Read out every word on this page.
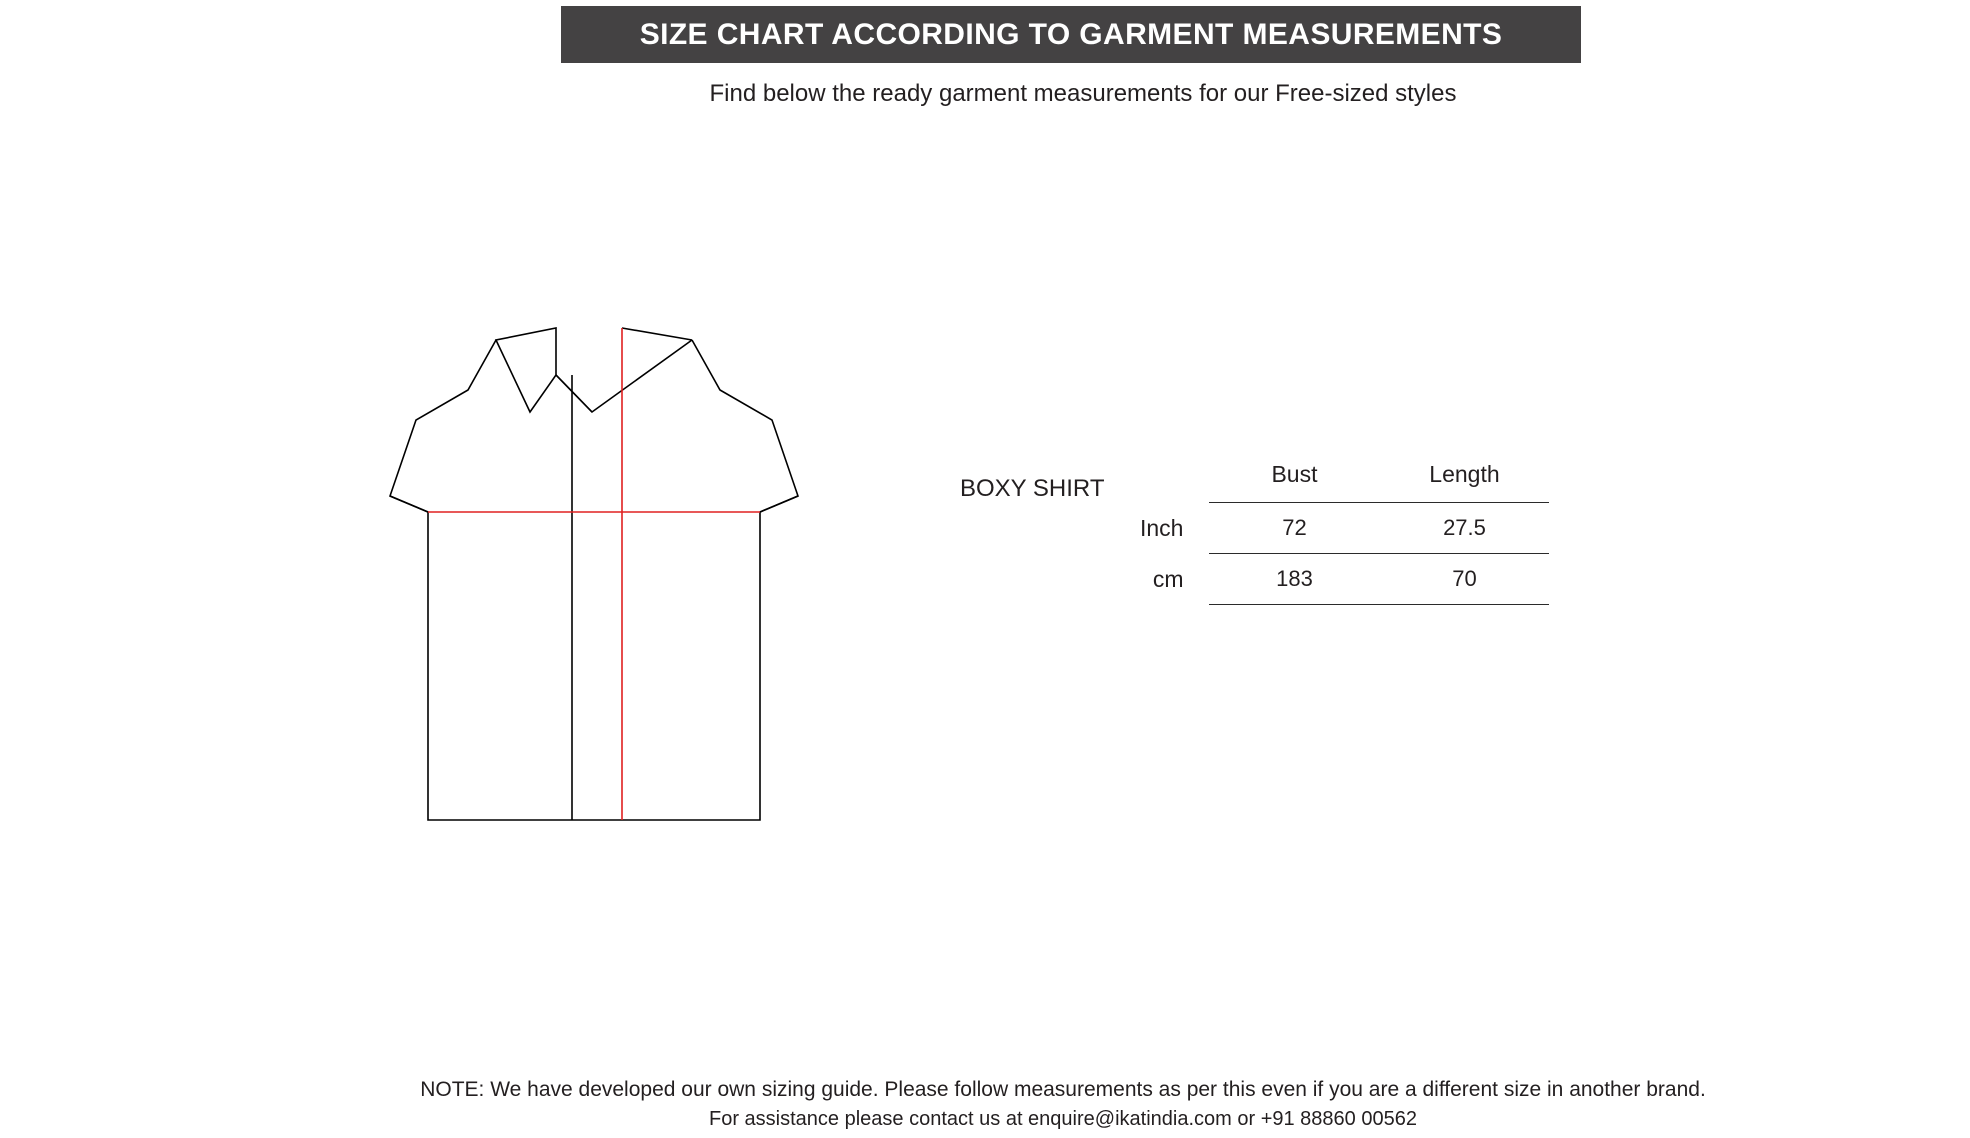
SIZE CHART ACCORDING TO GARMENT MEASUREMENTS
Find below the ready garment measurements for our Free-sized styles
BOXY SHIRT
	Bust	Length
Inch	72	27.5
cm	183	70
NOTE: We have developed our own sizing guide. Please follow measurements as per this even if you are a different size in another brand.
For assistance please contact us at enquire@ikatindia.com or +91 88860 00562
